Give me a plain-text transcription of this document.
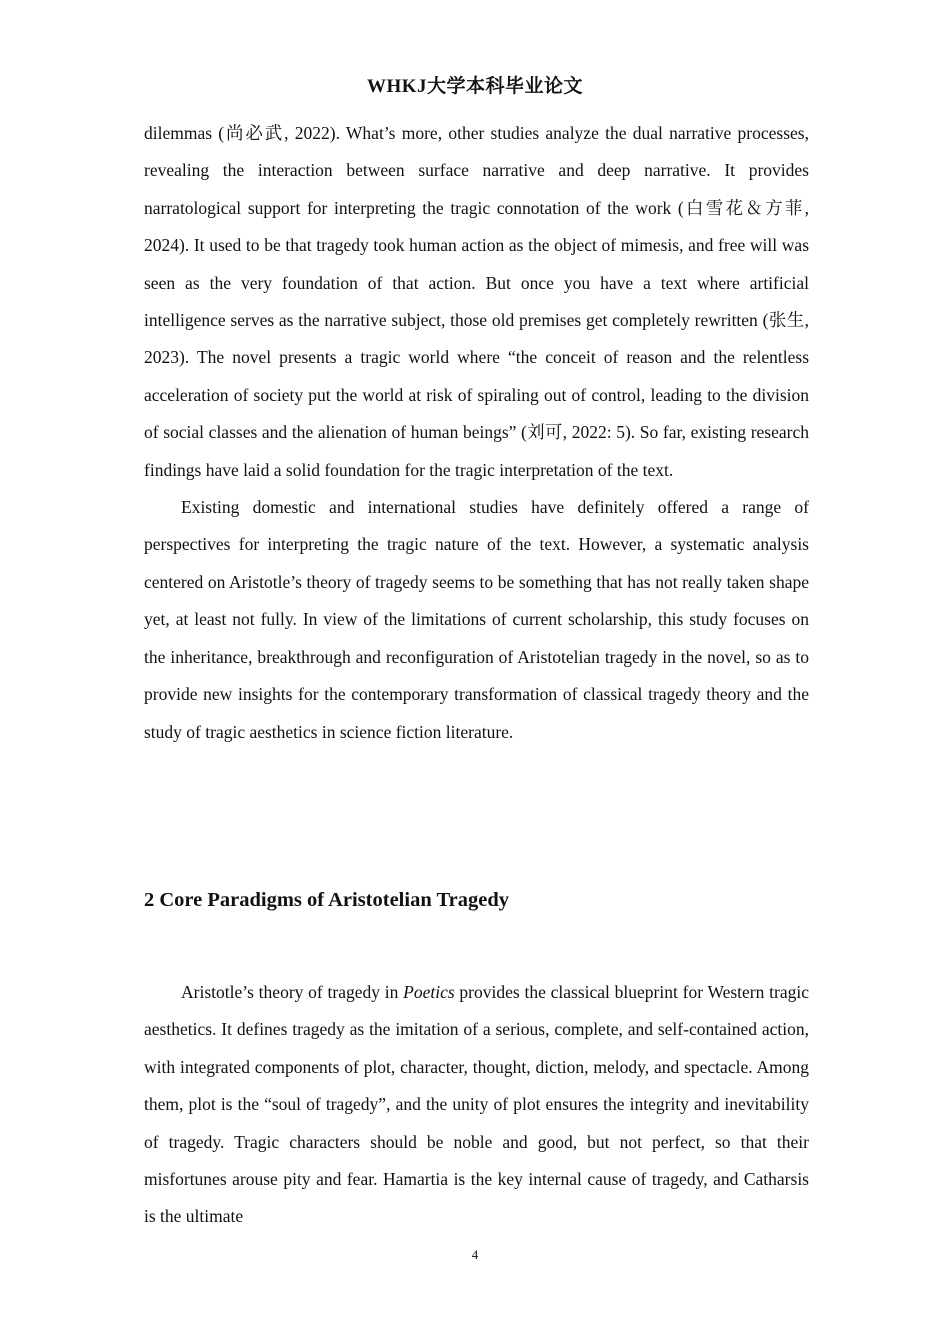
WHKJ大学本科毕业论文

dilemmas (尚必武, 2022). What’s more, other studies analyze the dual narrative processes, revealing the interaction between surface narrative and deep narrative. It provides narratological support for interpreting the tragic connotation of the work (白雪花＆方菲, 2024). It used to be that tragedy took human action as the object of mimesis, and free will was seen as the very foundation of that action. But once you have a text where artificial intelligence serves as the narrative subject, those old premises get completely rewritten (张生, 2023). The novel presents a tragic world where “the conceit of reason and the relentless acceleration of society put the world at risk of spiraling out of control, leading to the division of social classes and the alienation of human beings” (刘可, 2022: 5). So far, existing research findings have laid a solid foundation for the tragic interpretation of the text.

Existing domestic and international studies have definitely offered a range of perspectives for interpreting the tragic nature of the text. However, a systematic analysis centered on Aristotle’s theory of tragedy seems to be something that has not really taken shape yet, at least not fully. In view of the limitations of current scholarship, this study focuses on the inheritance, breakthrough and reconfiguration of Aristotelian tragedy in the novel, so as to provide new insights for the contemporary transformation of classical tragedy theory and the study of tragic aesthetics in science fiction literature.

2 Core Paradigms of Aristotelian Tragedy

Aristotle’s theory of tragedy in Poetics provides the classical blueprint for Western tragic aesthetics. It defines tragedy as the imitation of a serious, complete, and self-contained action, with integrated components of plot, character, thought, diction, melody, and spectacle. Among them, plot is the “soul of tragedy”, and the unity of plot ensures the integrity and inevitability of tragedy. Tragic characters should be noble and good, but not perfect, so that their misfortunes arouse pity and fear. Hamartia is the key internal cause of tragedy, and Catharsis is the ultimate

4
